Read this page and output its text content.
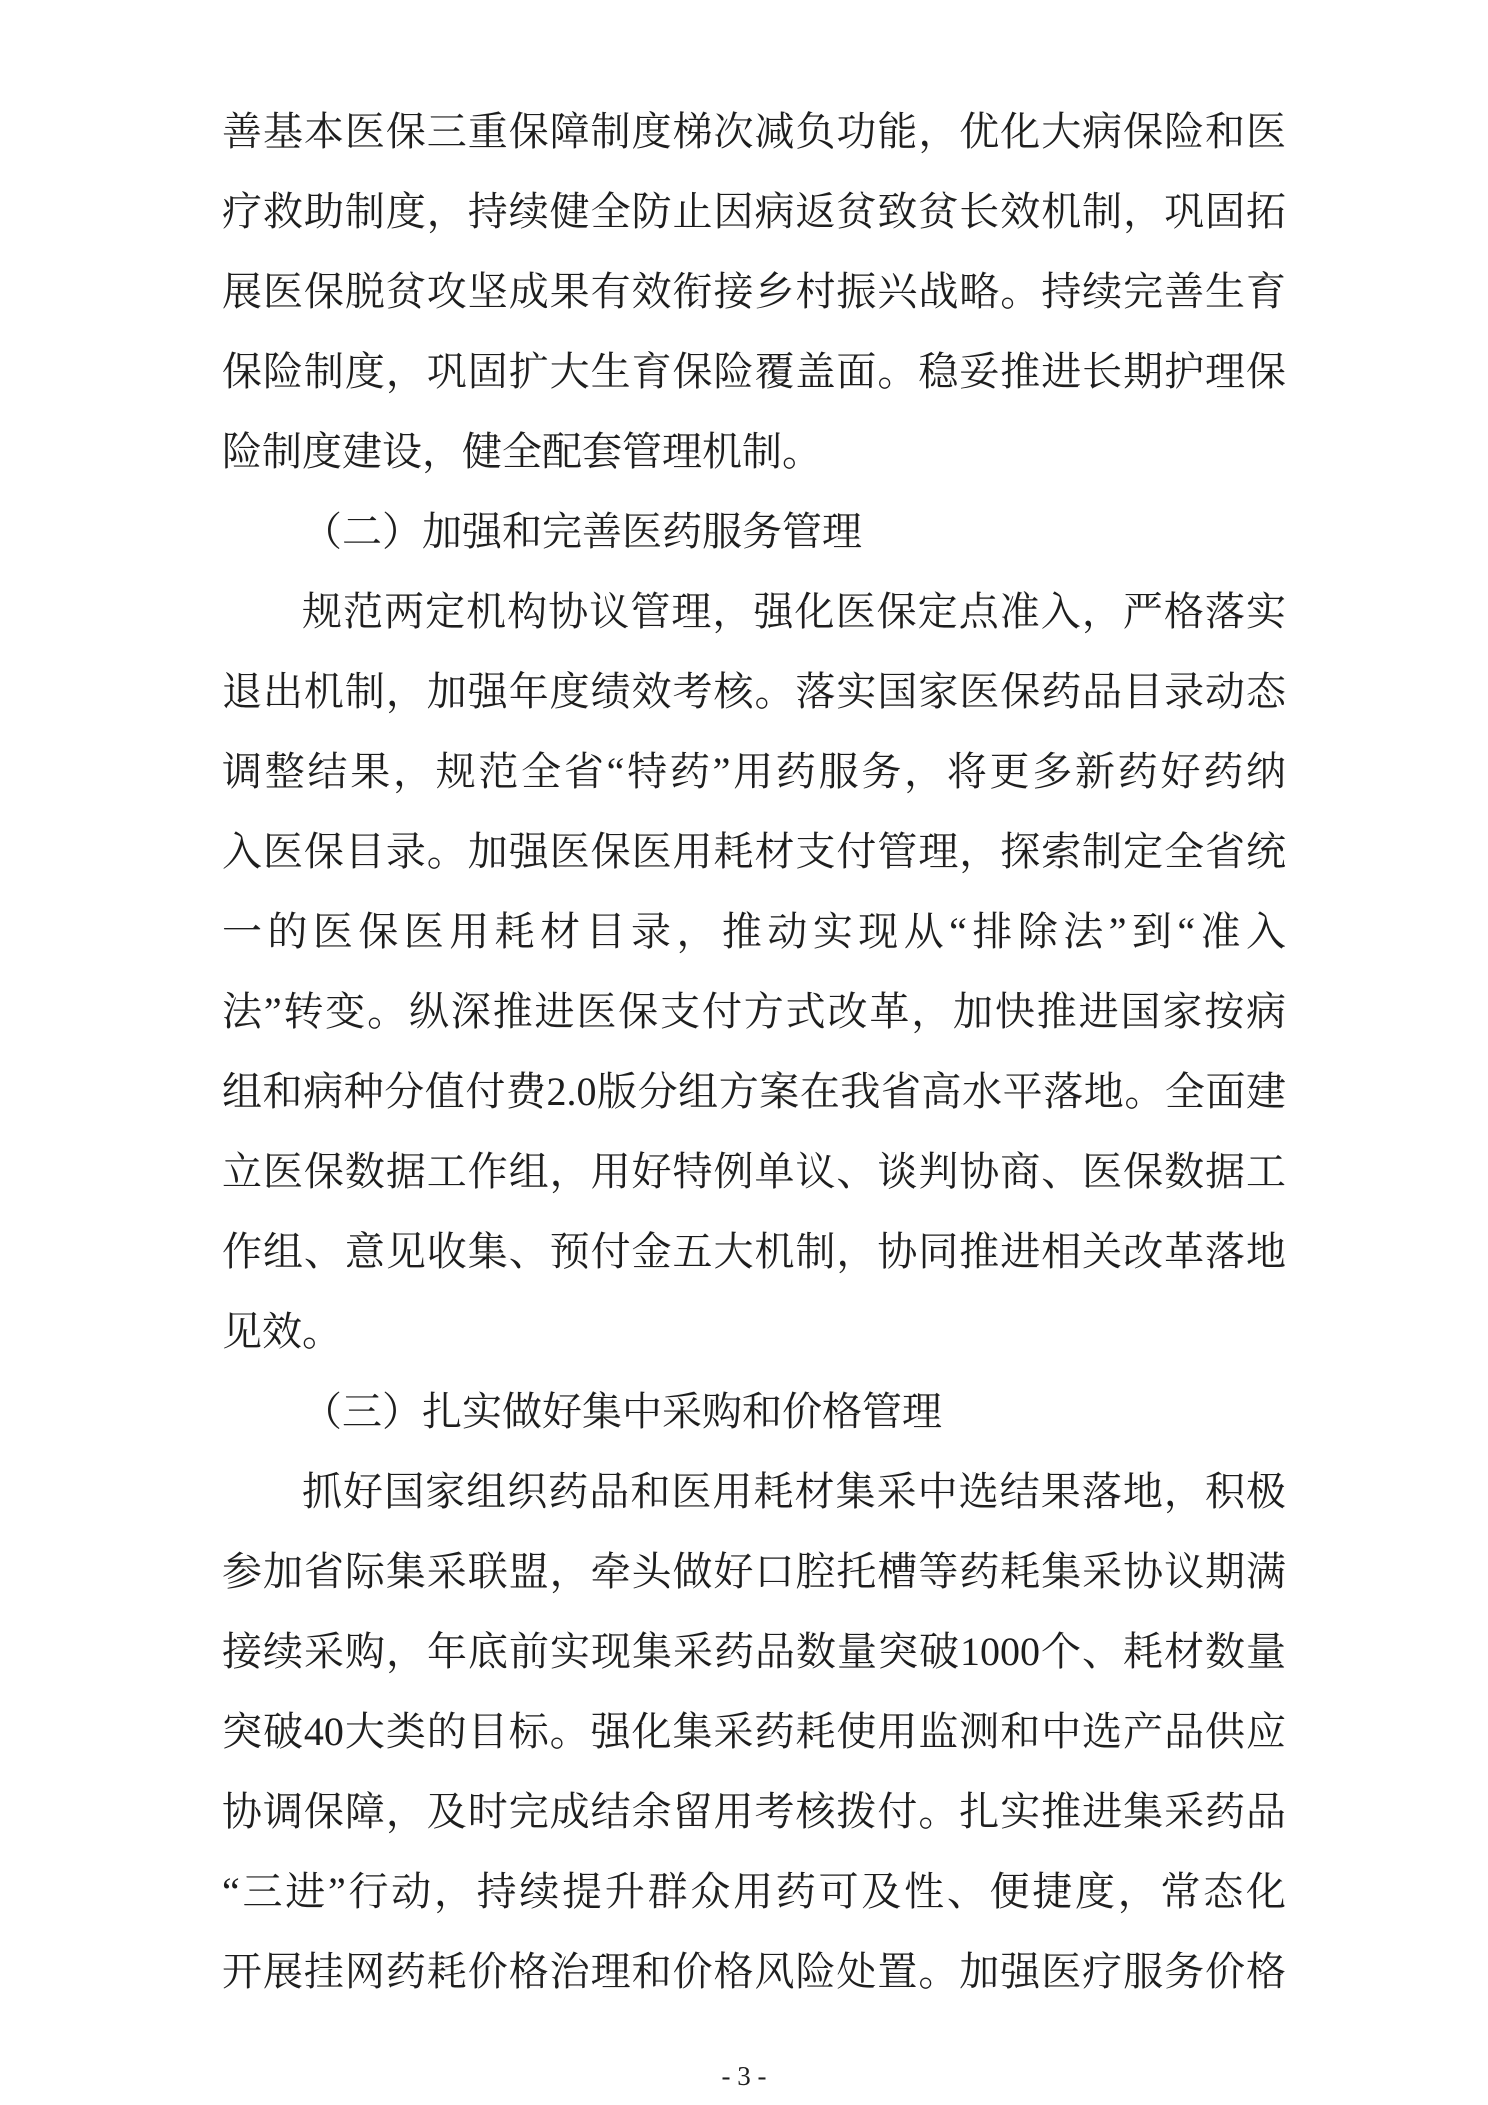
善基本医保三重保障制度梯次减负功能，优化大病保险和医
疗救助制度，持续健全防止因病返贫致贫长效机制，巩固拓
展医保脱贫攻坚成果有效衔接乡村振兴战略。持续完善生育
保险制度，巩固扩大生育保险覆盖面。稳妥推进长期护理保
险制度建设，健全配套管理机制。
（二）加强和完善医药服务管理
规范两定机构协议管理，强化医保定点准入，严格落实
退出机制，加强年度绩效考核。落实国家医保药品目录动态
调整结果，规范全省“特药”用药服务，将更多新药好药纳
入医保目录。加强医保医用耗材支付管理，探索制定全省统
一的医保医用耗材目录，推动实现从“排除法”到“准入
法”转变。纵深推进医保支付方式改革，加快推进国家按病
组和病种分值付费2.0版分组方案在我省高水平落地。全面建
立医保数据工作组，用好特例单议、谈判协商、医保数据工
作组、意见收集、预付金五大机制，协同推进相关改革落地
见效。
（三）扎实做好集中采购和价格管理
抓好国家组织药品和医用耗材集采中选结果落地，积极
参加省际集采联盟，牵头做好口腔托槽等药耗集采协议期满
接续采购，年底前实现集采药品数量突破1000个、耗材数量
突破40大类的目标。强化集采药耗使用监测和中选产品供应
协调保障，及时完成结余留用考核拨付。扎实推进集采药品
“三进”行动，持续提升群众用药可及性、便捷度，常态化
开展挂网药耗价格治理和价格风险处置。加强医疗服务价格
- 3 -
